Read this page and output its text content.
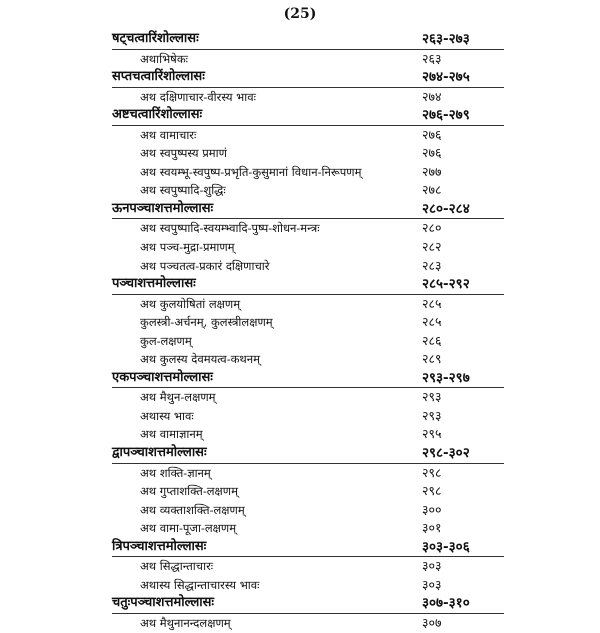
(25)
षट्चत्वारिंशोल्लासः	२६३-२७३
अथाभिषेकः	२६३
सप्तचत्वारिंशोल्लासः	२७४-२७५
अथ दक्षिणाचार-वीरस्य भावः	२७४
अष्टचत्वारिंशोल्लासः	२७६-२७९
अथ वामाचारः	२७६
अथ स्वपुष्पस्य प्रमाणं	२७६
अथ स्वयम्भू-स्वपुष्प-प्रभृति-कुसुमानां विधान-निरूपणम्	२७७
अथ स्वपुष्पादि-शुद्धिः	२७८
ऊनपञ्चाशत्तमोल्लासः	२८०-२८४
अथ स्वपुष्पादि-स्वयम्भ्वादि-पुष्प-शोधन-मन्त्रः	२८०
अथ पञ्च-मुद्रा-प्रमाणम्	२८२
अथ पञ्चतत्व-प्रकारं दक्षिणाचारे	२८३
पञ्चाशत्तमोल्लासः	२८५-२९२
अथ कुलयोषितां लक्षणम्	२८५
कुलस्त्री-अर्चनम्, कुलस्त्रीलक्षणम्	२८५
कुल-लक्षणम्	२८६
अथ कुलस्य देवमयत्व-कथनम्	२८९
एकपञ्चाशत्तमोल्लासः	२९३-२९७
अथ मैथुन-लक्षणम्	२९३
अथास्य भावः	२९३
अथ वामाज्ञानम्	२९५
द्वापञ्चाशत्तमोल्लासः	२९८-३०२
अथ शक्ति-ज्ञानम्	२९८
अथ गुप्ताशक्ति-लक्षणम्	२९८
अथ व्यक्ताशक्ति-लक्षणम्	३००
अथ वामा-पूजा-लक्षणम्	३०१
त्रिपञ्चाशत्तमोल्लासः	३०३-३०६
अथ सिद्धान्ताचारः	३०३
अथास्य सिद्धान्ताचारस्य भावः	३०३
चतुःपञ्चाशत्तमोल्लासः	३०७-३१०
अथ मैथुनानन्दलक्षणम्	३०७
